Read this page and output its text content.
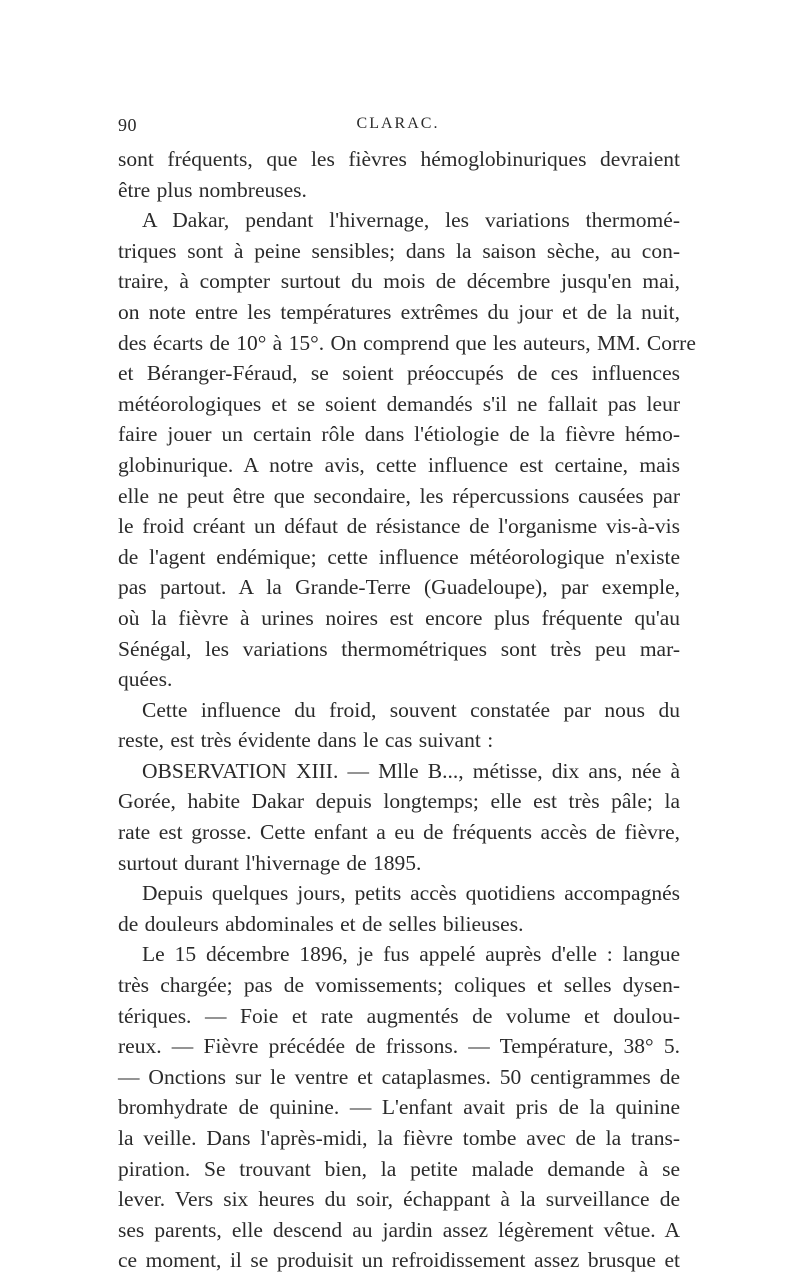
90	CLARAC.
sont fréquents, que les fièvres hémoglobinuriques devraient
être plus nombreuses.
A Dakar, pendant l'hivernage, les variations thermomé-
triques sont à peine sensibles; dans la saison sèche, au con-
traire, à compter surtout du mois de décembre jusqu'en mai,
on note entre les températures extrêmes du jour et de la nuit,
des écarts de 10° à 15°. On comprend que les auteurs, MM. Corre
et Béranger-Féraud, se soient préoccupés de ces influences
météorologiques et se soient demandés s'il ne fallait pas leur
faire jouer un certain rôle dans l'étiologie de la fièvre hémo-
globinurique. A notre avis, cette influence est certaine, mais
elle ne peut être que secondaire, les répercussions causées par
le froid créant un défaut de résistance de l'organisme vis-à-vis
de l'agent endémique; cette influence météorologique n'existe
pas partout. A la Grande-Terre (Guadeloupe), par exemple,
où la fièvre à urines noires est encore plus fréquente qu'au
Sénégal, les variations thermométriques sont très peu mar-
quées.
Cette influence du froid, souvent constatée par nous du
reste, est très évidente dans le cas suivant :
OBSERVATION XIII. — Mlle B..., métisse, dix ans, née à
Gorée, habite Dakar depuis longtemps; elle est très pâle; la
rate est grosse. Cette enfant a eu de fréquents accès de fièvre,
surtout durant l'hivernage de 1895.
Depuis quelques jours, petits accès quotidiens accompagnés
de douleurs abdominales et de selles bilieuses.
Le 15 décembre 1896, je fus appelé auprès d'elle : langue
très chargée; pas de vomissements; coliques et selles dysen-
tériques. — Foie et rate augmentés de volume et doulou-
reux. — Fièvre précédée de frissons. — Température, 38° 5.
— Onctions sur le ventre et cataplasmes. 50 centigrammes de
bromhydrate de quinine. — L'enfant avait pris de la quinine
la veille. Dans l'après-midi, la fièvre tombe avec de la trans-
piration. Se trouvant bien, la petite malade demande à se
lever. Vers six heures du soir, échappant à la surveillance de
ses parents, elle descend au jardin assez légèrement vêtue. A
ce moment, il se produisit un refroidissement assez brusque et
